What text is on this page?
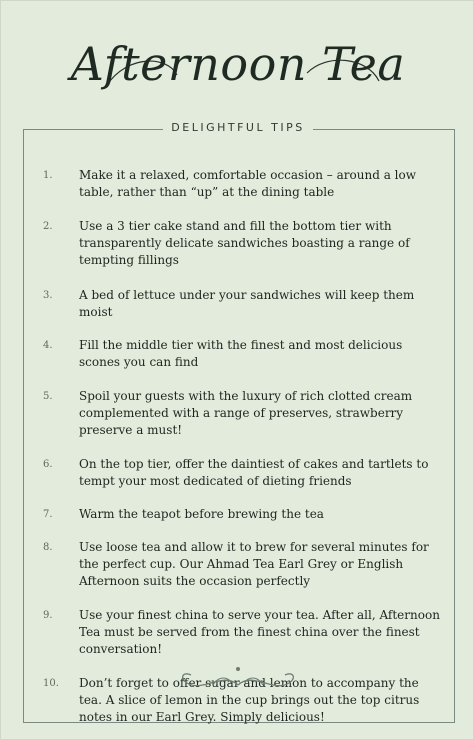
Afternoon Tea
DELIGHTFUL TIPS
1.	Make it a relaxed, comfortable occasion – around a low table, rather than “up” at the dining table
2.	Use a 3 tier cake stand and fill the bottom tier with transparently delicate sandwiches boasting a range of tempting fillings
3.	A bed of lettuce under your sandwiches will keep them moist
4.	Fill the middle tier with the finest and most delicious scones you can find
5.	Spoil your guests with the luxury of rich clotted cream complemented with a range of preserves, strawberry preserve a must!
6.	On the top tier, offer the daintiest of cakes and tartlets to tempt your most dedicated of dieting friends
7.	Warm the teapot before brewing the tea
8.	Use loose tea and allow it to brew for several minutes for the perfect cup. Our Ahmad Tea Earl Grey or English Afternoon suits the occasion perfectly
9.	Use your finest china to serve your tea. After all, Afternoon Tea must be served from the finest china over the finest conversation!
10.	Don’t forget to offer sugar and lemon to accompany the tea. A slice of lemon in the cup brings out the top citrus notes in our Earl Grey. Simply delicious!
